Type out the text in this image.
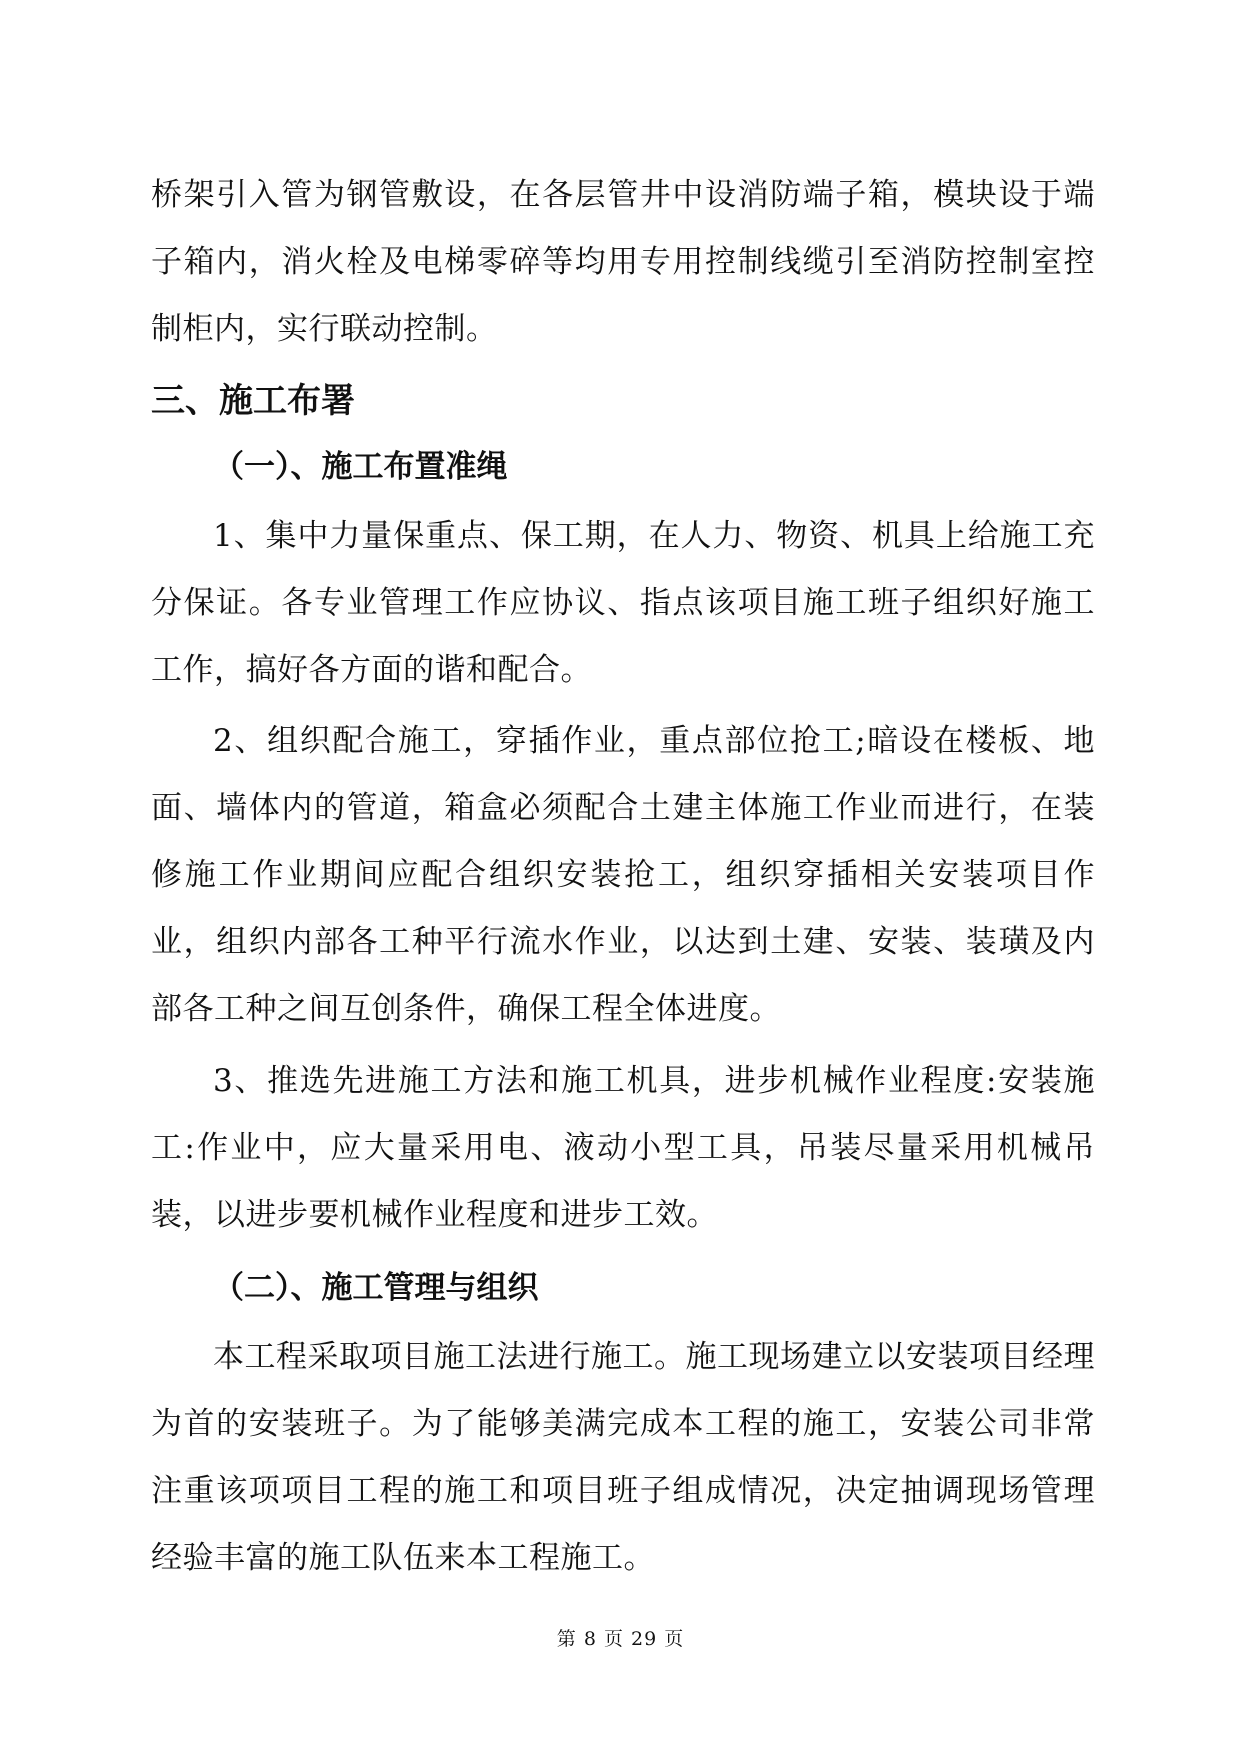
桥架引入管为钢管敷设，在各层管井中设消防端子箱，模块设于端子箱内，消火栓及电梯零碎等均用专用控制线缆引至消防控制室控制柜内，实行联动控制。

三、施工布署
（一）、施工布置准绳

1、集中力量保重点、保工期，在人力、物资、机具上给施工充分保证。各专业管理工作应协议、指点该项目施工班子组织好施工工作，搞好各方面的谐和配合。

2、组织配合施工，穿插作业，重点部位抢工;暗设在楼板、地面、墙体内的管道，箱盒必须配合土建主体施工作业而进行，在装修施工作业期间应配合组织安装抢工，组织穿插相关安装项目作业，组织内部各工种平行流水作业，以达到土建、安装、装璜及内部各工种之间互创条件，确保工程全体进度。

3、推选先进施工方法和施工机具，进步机械作业程度:安装施工:作业中，应大量采用电、液动小型工具，吊装尽量采用机械吊装，以进步要机械作业程度和进步工效。

（二）、施工管理与组织

本工程采取项目施工法进行施工。施工现场建立以安装项目经理为首的安装班子。为了能够美满完成本工程的施工，安装公司非常注重该项项目工程的施工和项目班子组成情况，决定抽调现场管理经验丰富的施工队伍来本工程施工。

第 8 页 29 页
